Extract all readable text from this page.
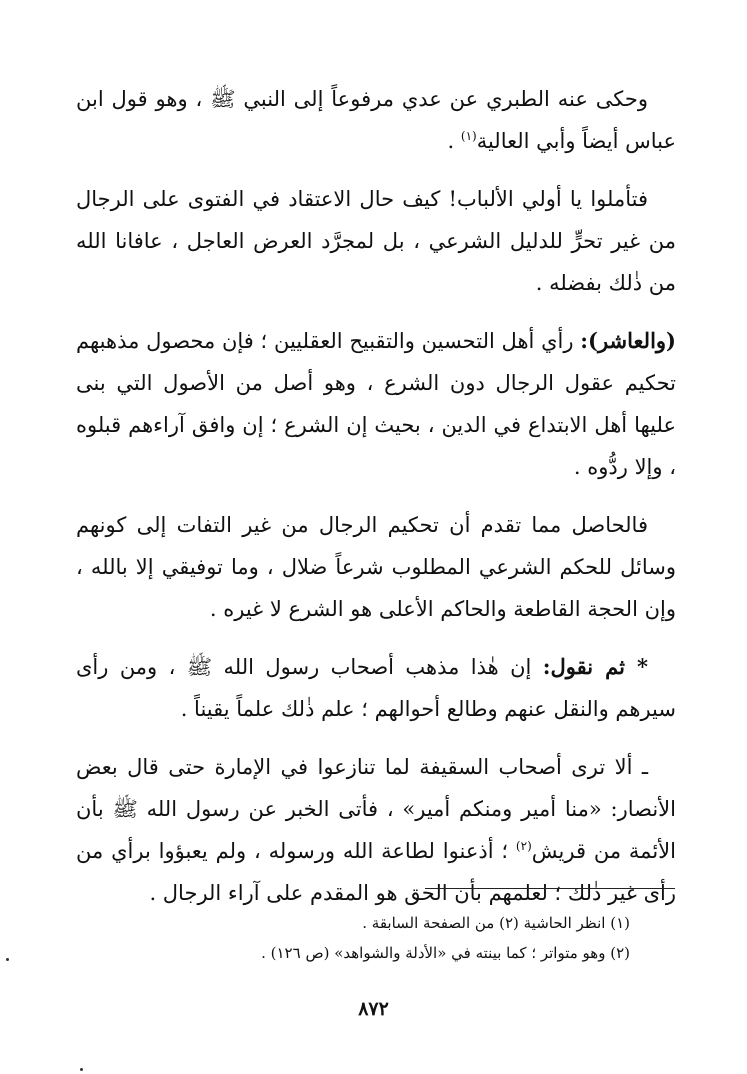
وحكى عنه الطبري عن عدي مرفوعاً إلى النبي ﷺ ، وهو قول ابن عباس أيضاً وأبي العالية$^{(١)}$ .

فتأملوا يا أولي الألباب! كيف حال الاعتقاد في الفتوى على الرجال من غير تحرٍّ للدليل الشرعي ، بل لمجرَّد العرض العاجل ، عافانا الله من ذٰلك بفضله .

(والعاشر): رأي أهل التحسين والتقبيح العقليين ؛ فإن محصول مذهبهم تحكيم عقول الرجال دون الشرع ، وهو أصل من الأصول التي بنى عليها أهل الابتداع في الدين ، بحيث إن الشرع ؛ إن وافق آراءهم قبلوه ، وإلا ردُّوه .

فالحاصل مما تقدم أن تحكيم الرجال من غير التفات إلى كونهم وسائل للحكم الشرعي المطلوب شرعاً ضلال ، وما توفيقي إلا بالله ، وإن الحجة القاطعة والحاكم الأعلى هو الشرع لا غيره .

* ثم نقول: إن هٰذا مذهب أصحاب رسول الله ﷺ ، ومن رأى سيرهم والنقل عنهم وطالع أحوالهم ؛ علم ذٰلك علماً يقيناً .

ـ ألا ترى أصحاب السقيفة لما تنازعوا في الإمارة حتى قال بعض الأنصار: «منا أمير ومنكم أمير» ، فأتى الخبر عن رسول الله ﷺ بأن الأئمة من قريش$^{(٢)}$ ؛ أذعنوا لطاعة الله ورسوله ، ولم يعبؤوا برأي من رأى غير ذٰلك ؛ لعلمهم بأن الحق هو المقدم على آراء الرجال .

(١) انظر الحاشية (٢) من الصفحة السابقة .

(٢) وهو متواتر ؛ كما بينته في «الأدلة والشواهد» (ص ١٢٦) .

٨٧٢
